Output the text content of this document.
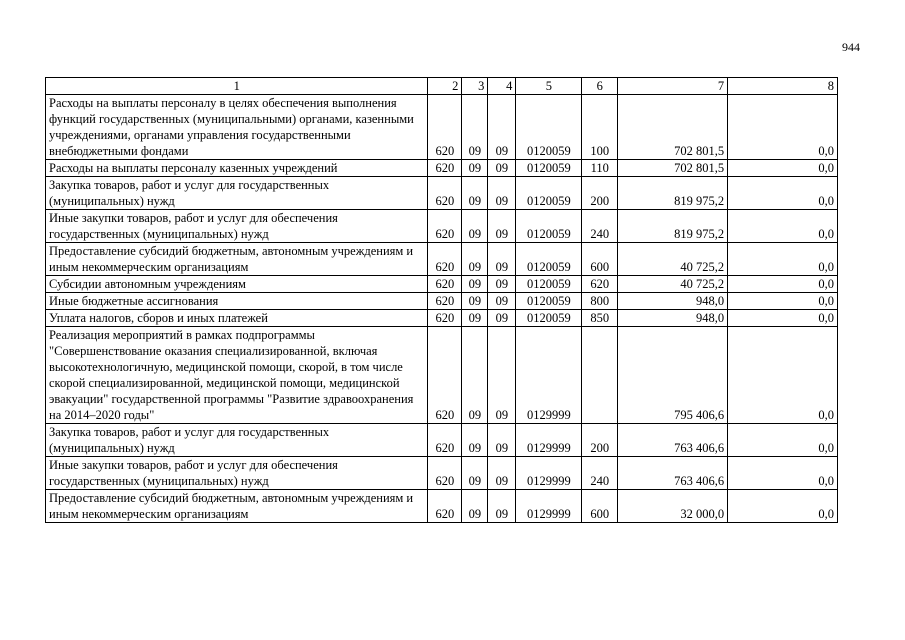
944
1	2	3	4	5	6	7	8
Расходы на выплаты персоналу в целях обеспечения выполнения функций государственных (муниципальными) органами, казенными учреждениями, органами управления государственными внебюджетными фондами	620	09	09	0120059	100	702 801,5	0,0
Расходы на выплаты персоналу казенных учреждений	620	09	09	0120059	110	702 801,5	0,0
Закупка товаров, работ и услуг для государственных (муниципальных) нужд	620	09	09	0120059	200	819 975,2	0,0
Иные закупки товаров, работ и услуг для обеспечения государственных (муниципальных) нужд	620	09	09	0120059	240	819 975,2	0,0
Предоставление субсидий бюджетным, автономным учреждениям и иным некоммерческим организациям	620	09	09	0120059	600	40 725,2	0,0
Субсидии автономным учреждениям	620	09	09	0120059	620	40 725,2	0,0
Иные бюджетные ассигнования	620	09	09	0120059	800	948,0	0,0
Уплата налогов, сборов и иных платежей	620	09	09	0120059	850	948,0	0,0
Реализация мероприятий в рамках подпрограммы "Совершенствование оказания специализированной, включая высокотехнологичную, медицинской помощи, скорой, в том числе скорой специализированной, медицинской помощи, медицинской эвакуации" государственной программы "Развитие здравоохранения на 2014–2020 годы"	620	09	09	0129999		795 406,6	0,0
Закупка товаров, работ и услуг для государственных (муниципальных) нужд	620	09	09	0129999	200	763 406,6	0,0
Иные закупки товаров, работ и услуг для обеспечения государственных (муниципальных) нужд	620	09	09	0129999	240	763 406,6	0,0
Предоставление субсидий бюджетным, автономным учреждениям и иным некоммерческим организациям	620	09	09	0129999	600	32 000,0	0,0
